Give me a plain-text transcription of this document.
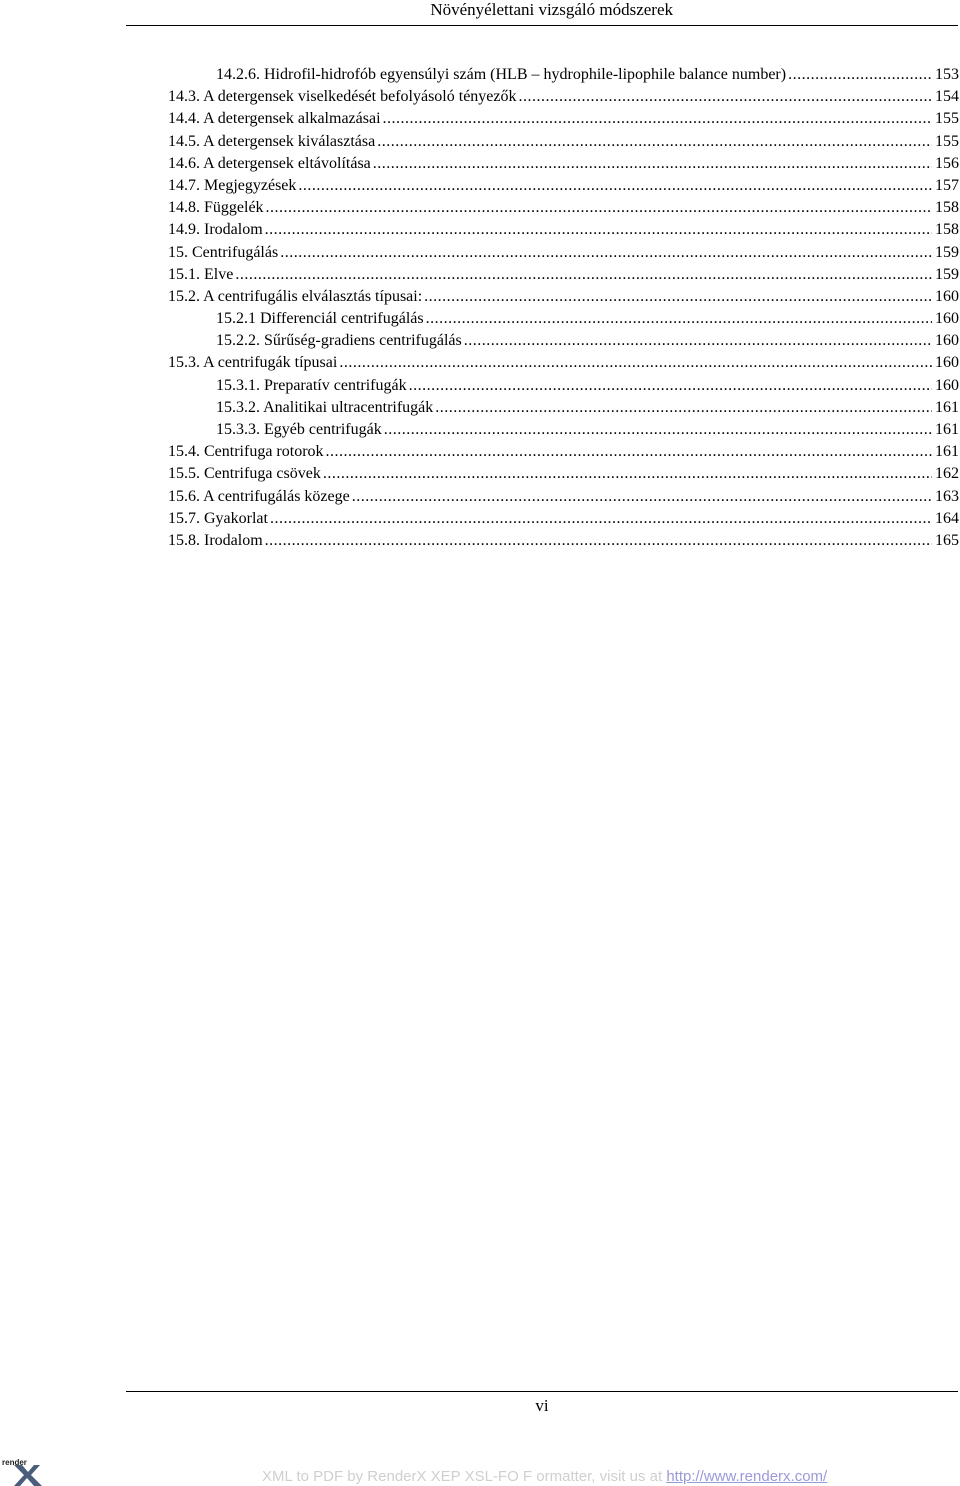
Növényélettani vizsgáló módszerek
14.2.6. Hidrofil-hidrofób egyensúlyi szám (HLB – hydrophile-lipophile balance number) .....	153
14.3. A detergensek viselkedését befolyásoló tényezők .....	154
14.4. A detergensek alkalmazásai .....	155
14.5. A detergensek kiválasztása .....	155
14.6. A detergensek eltávolítása .....	156
14.7. Megjegyzések .....	157
14.8. Függelék .....	158
14.9. Irodalom .....	158
15. Centrifugálás .....	159
15.1. Elve .....	159
15.2. A centrifugális elválasztás típusai: .....	160
15.2.1 Differenciál centrifugálás .....	160
15.2.2. Sűrűség-gradiens centrifugálás .....	160
15.3. A centrifugák típusai .....	160
15.3.1. Preparatív centrifugák .....	160
15.3.2. Analitikai ultracentrifugák .....	161
15.3.3. Egyéb centrifugák .....	161
15.4. Centrifuga rotorok .....	161
15.5. Centrifuga csövek .....	162
15.6. A centrifugálás közege .....	163
15.7. Gyakorlat .....	164
15.8. Irodalom .....	165
vi
render
XML to PDF by RenderX XEP XSL-FO F ormatter, visit us at http://www.renderx.com/
